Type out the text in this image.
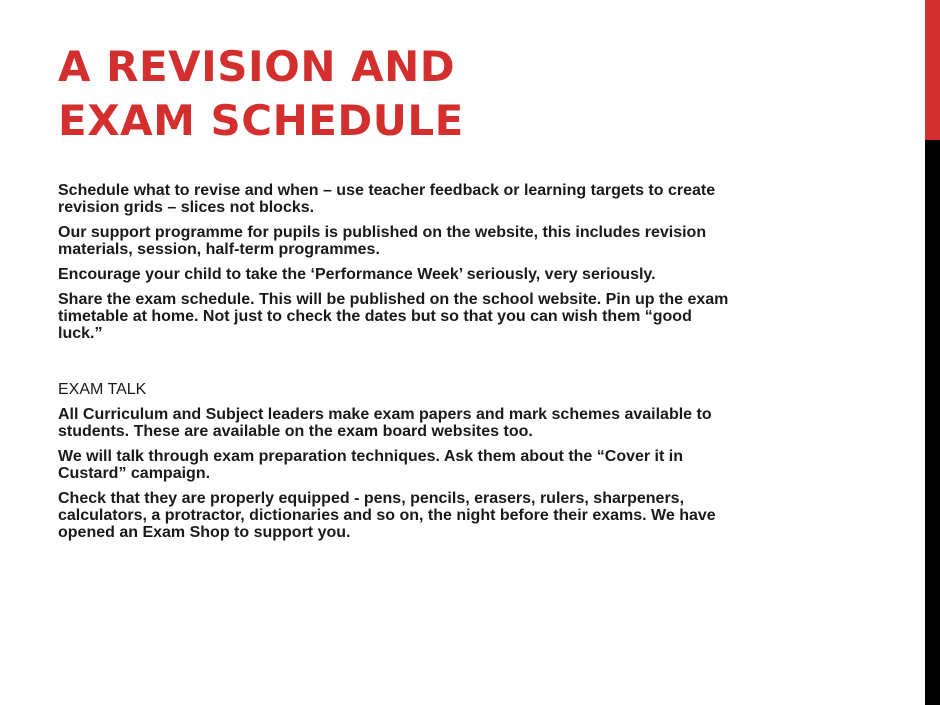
A REVISION AND
EXAM SCHEDULE

Schedule what to revise and when – use teacher feedback or learning targets to create
revision grids – slices not blocks.

Our support programme for pupils is published on the website, this includes revision
materials, session, half-term programmes.

Encourage your child to take the ‘Performance Week’ seriously, very seriously.

Share the exam schedule. This will be published on the school website. Pin up the exam
timetable at home. Not just to check the dates but so that you can wish them “good
luck.”

EXAM TALK

All Curriculum and Subject leaders make exam papers and mark schemes available to
students. These are available on the exam board websites too.

We will talk through exam preparation techniques. Ask them about the “Cover it in
Custard” campaign.

Check that they are properly equipped - pens, pencils, erasers, rulers, sharpeners,
calculators, a protractor, dictionaries and so on, the night before their exams. We have
opened an Exam Shop to support you.
